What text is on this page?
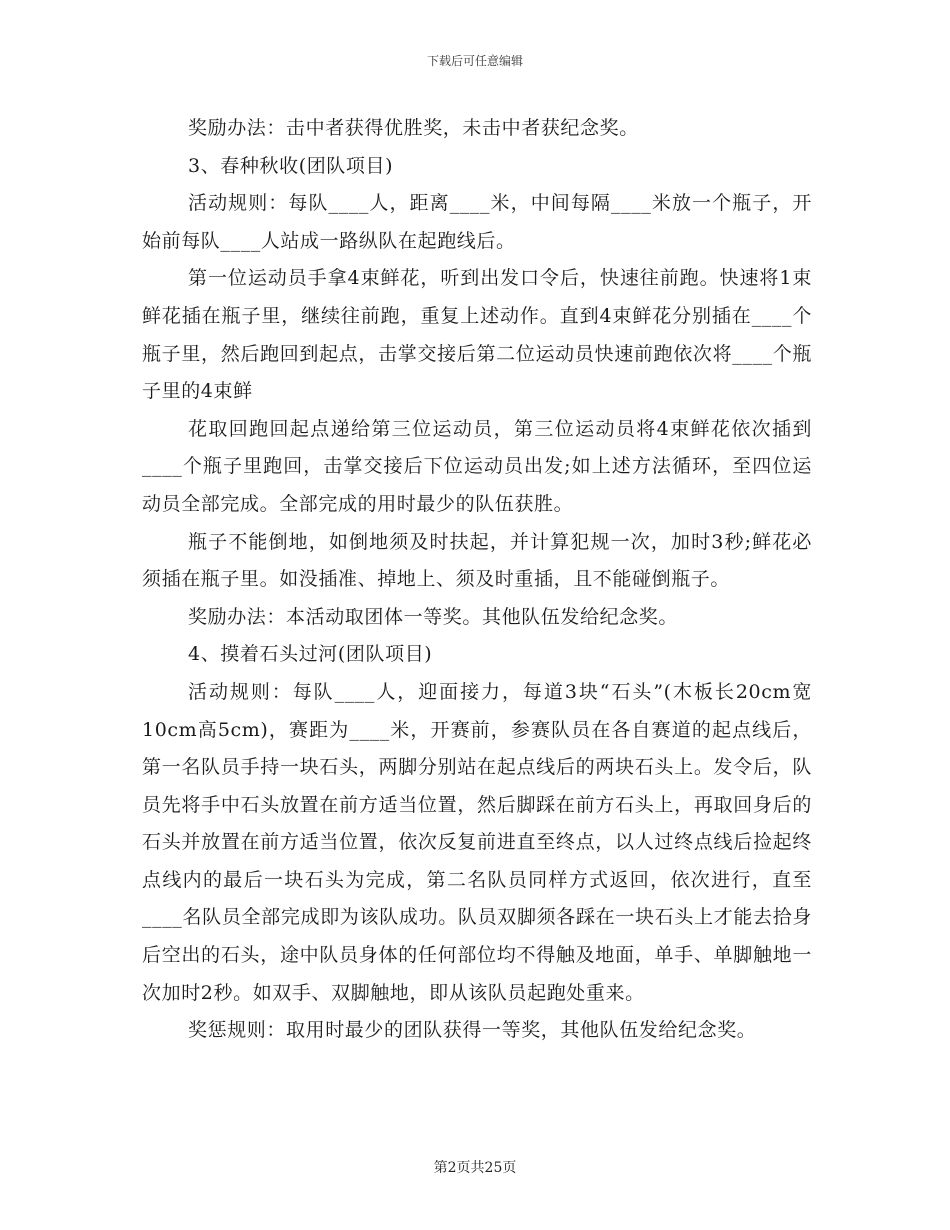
下载后可任意编辑

奖励办法：击中者获得优胜奖，未击中者获纪念奖。

3、春种秋收(团队项目)

活动规则：每队____人，距离____米，中间每隔____米放一个瓶子，开始前每队____人站成一路纵队在起跑线后。

第一位运动员手拿4束鲜花，听到出发口令后，快速往前跑。快速将1束鲜花插在瓶子里，继续往前跑，重复上述动作。直到4束鲜花分别插在____个瓶子里，然后跑回到起点，击掌交接后第二位运动员快速前跑依次将____个瓶子里的4束鲜

花取回跑回起点递给第三位运动员，第三位运动员将4束鲜花依次插到____个瓶子里跑回，击掌交接后下位运动员出发;如上述方法循环，至四位运动员全部完成。全部完成的用时最少的队伍获胜。

瓶子不能倒地，如倒地须及时扶起，并计算犯规一次，加时3秒;鲜花必须插在瓶子里。如没插准、掉地上、须及时重插，且不能碰倒瓶子。

奖励办法：本活动取团体一等奖。其他队伍发给纪念奖。

4、摸着石头过河(团队项目)

活动规则：每队____人，迎面接力，每道3块“石头”(木板长20cm宽10cm高5cm)，赛距为____米，开赛前，参赛队员在各自赛道的起点线后，第一名队员手持一块石头，两脚分别站在起点线后的两块石头上。发令后，队员先将手中石头放置在前方适当位置，然后脚踩在前方石头上，再取回身后的石头并放置在前方适当位置，依次反复前进直至终点，以人过终点线后捡起终点线内的最后一块石头为完成，第二名队员同样方式返回，依次进行，直至____名队员全部完成即为该队成功。队员双脚须各踩在一块石头上才能去拾身后空出的石头，途中队员身体的任何部位均不得触及地面，单手、单脚触地一次加时2秒。如双手、双脚触地，即从该队员起跑处重来。

奖惩规则：取用时最少的团队获得一等奖，其他队伍发给纪念奖。

第2页共25页
